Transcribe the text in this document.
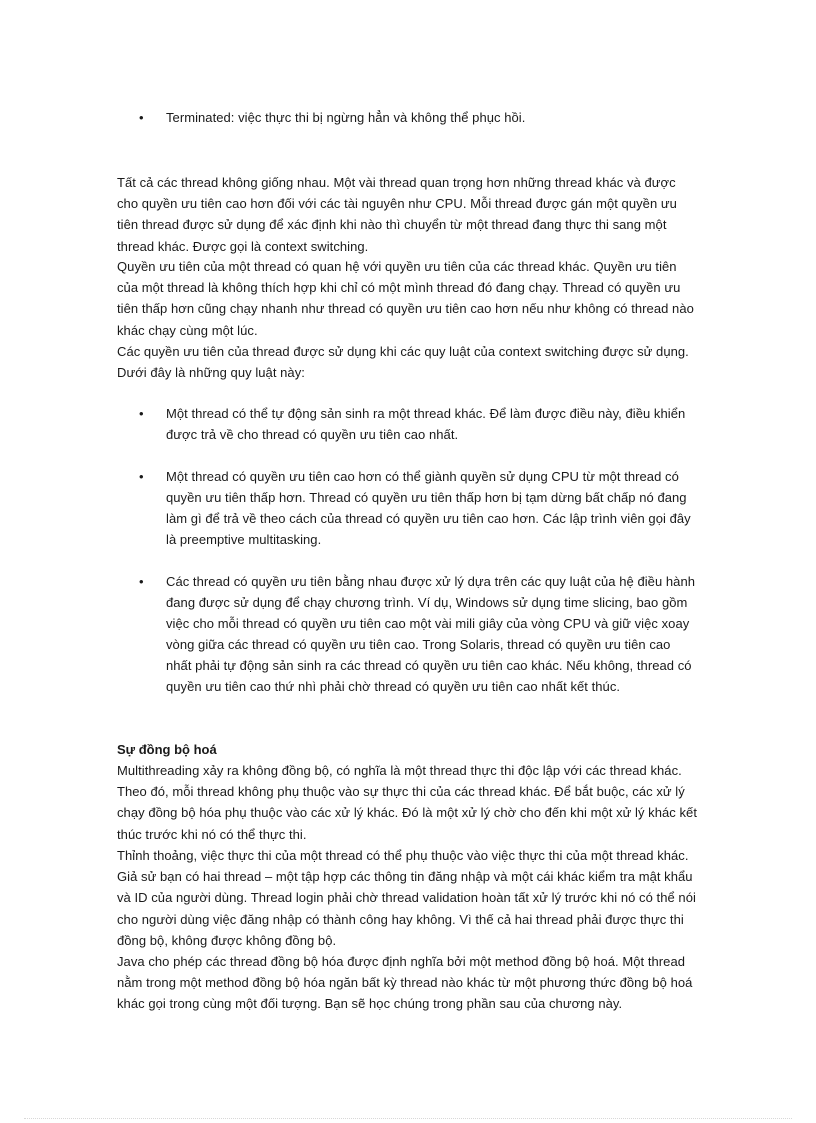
•	Terminated: việc thực thi bị ngừng hẳn và không thể phục hồi.
Tất cả các thread không giống nhau. Một vài thread quan trọng hơn những thread khác và được cho quyền ưu tiên cao hơn đối với các tài nguyên như CPU. Mỗi thread được gán một quyền ưu tiên thread được sử dụng để xác định khi nào thì chuyển từ một thread đang thực thi sang một thread khác. Được gọi là context switching.
Quyền ưu tiên của một thread có quan hệ với quyền ưu tiên của các thread khác. Quyền ưu tiên của một thread là không thích hợp khi chỉ có một mình thread đó đang chạy. Thread có quyền ưu tiên thấp hơn cũng chạy nhanh như thread có quyền ưu tiên cao hơn nếu như không có thread nào khác chạy cùng một lúc.
Các quyền ưu tiên của thread được sử dụng khi các quy luật của context switching được sử dụng. Dưới đây là những quy luật này:
•	Một thread có thể tự động sản sinh ra một thread khác. Để làm được điều này, điều khiển được trả về cho thread có quyền ưu tiên cao nhất.
•	Một thread có quyền ưu tiên cao hơn có thể giành quyền sử dụng CPU từ một thread có quyền ưu tiên thấp hơn. Thread có quyền ưu tiên thấp hơn bị tạm dừng bất chấp nó đang làm gì để trả về theo cách của thread có quyền ưu tiên cao hơn. Các lập trình viên gọi đây là preemptive multitasking.
•	Các thread có quyền ưu tiên bằng nhau được xử lý dựa trên các quy luật của hệ điều hành đang được sử dụng để chạy chương trình. Ví dụ, Windows sử dụng time slicing, bao gồm việc cho mỗi thread có quyền ưu tiên cao một vài mili giây của vòng CPU và giữ việc xoay vòng giữa các thread có quyền ưu tiên cao. Trong Solaris, thread có quyền ưu tiên cao nhất phải tự động sản sinh ra các thread có quyền ưu tiên cao khác. Nếu không, thread có quyền ưu tiên cao thứ nhì phải chờ thread có quyền ưu tiên cao nhất kết thúc.
Sự đồng bộ hoá
Multithreading xảy ra không đồng bộ, có nghĩa là một thread thực thi độc lập với các thread khác. Theo đó, mỗi thread không phụ thuộc vào sự thực thi của các thread khác. Để bắt buộc, các xử lý chạy đồng bộ hóa phụ thuộc vào các xử lý khác. Đó là một xử lý chờ cho đến khi một xử lý khác kết thúc trước khi nó có thể thực thi.
Thỉnh thoảng, việc thực thi của một thread có thể phụ thuộc vào việc thực thi của một thread khác. Giả sử bạn có hai thread – một tập hợp các thông tin đăng nhập và một cái khác kiểm tra mật khẩu và ID của người dùng. Thread login phải chờ thread validation hoàn tất xử lý trước khi nó có thể nói cho người dùng việc đăng nhập có thành công hay không. Vì thế cả hai thread phải được thực thi đồng bộ, không được không đồng bộ.
Java cho phép các thread đồng bộ hóa được định nghĩa bởi một method đồng bộ hoá. Một thread nằm trong một method đồng bộ hóa ngăn bất kỳ thread nào khác từ một phương thức đồng bộ hoá khác gọi trong cùng một đối tượng. Bạn sẽ học chúng trong phần sau của chương này.
